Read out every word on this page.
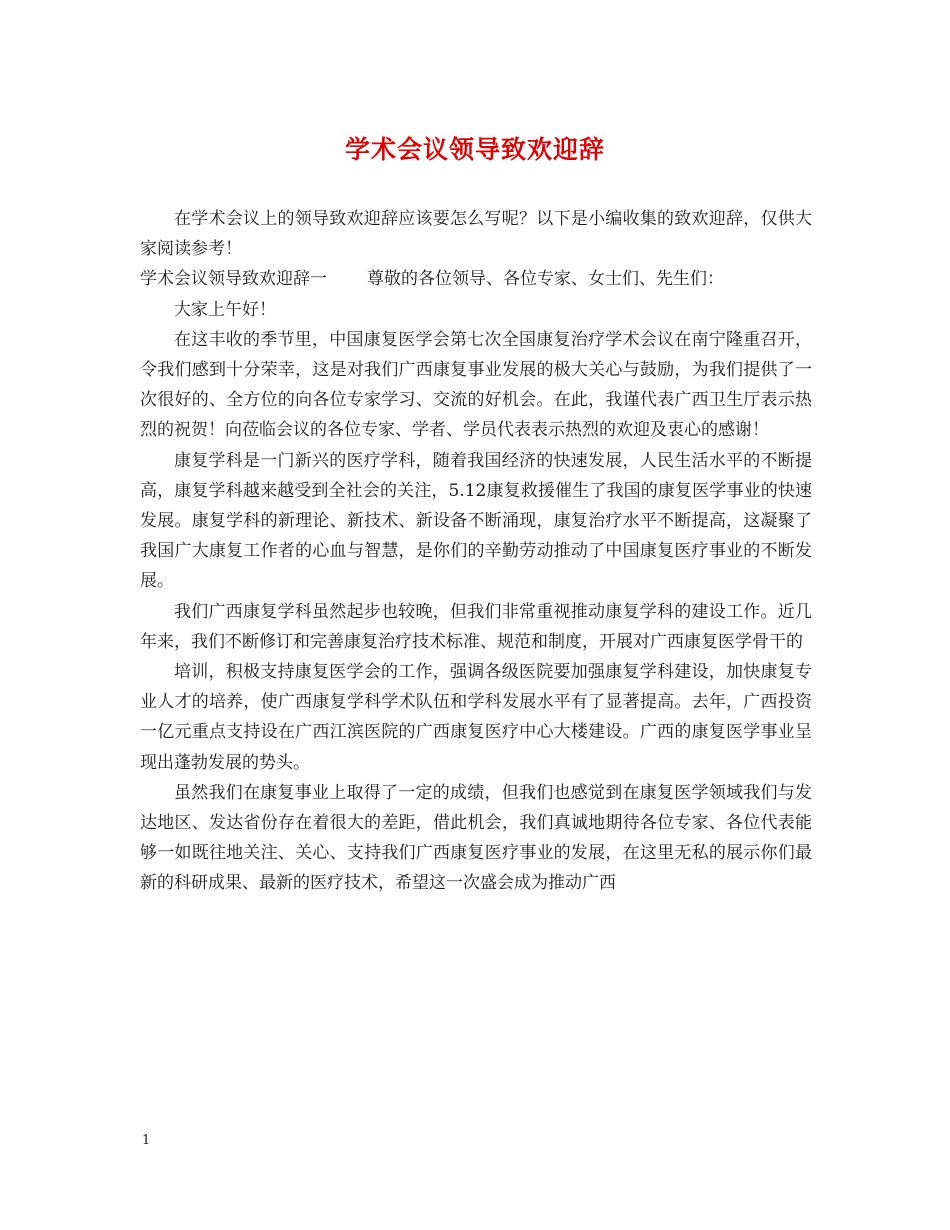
学术会议领导致欢迎辞

在学术会议上的领导致欢迎辞应该要怎么写呢？以下是小编收集的致欢迎辞，仅供大家阅读参考！

学术会议领导致欢迎辞一 尊敬的各位领导、各位专家、女士们、先生们：

大家上午好！

在这丰收的季节里，中国康复医学会第七次全国康复治疗学术会议在南宁隆重召开，令我们感到十分荣幸，这是对我们广西康复事业发展的极大关心与鼓励，为我们提供了一次很好的、全方位的向各位专家学习、交流的好机会。在此，我谨代表广西卫生厅表示热烈的祝贺！向莅临会议的各位专家、学者、学员代表表示热烈的欢迎及衷心的感谢！

康复学科是一门新兴的医疗学科，随着我国经济的快速发展，人民生活水平的不断提高，康复学科越来越受到全社会的关注，5.12康复救援催生了我国的康复医学事业的快速发展。康复学科的新理论、新技术、新设备不断涌现，康复治疗水平不断提高，这凝聚了我国广大康复工作者的心血与智慧，是你们的辛勤劳动推动了中国康复医疗事业的不断发展。

我们广西康复学科虽然起步也较晚，但我们非常重视推动康复学科的建设工作。近几年来，我们不断修订和完善康复治疗技术标准、规范和制度，开展对广西康复医学骨干的

培训，积极支持康复医学会的工作，强调各级医院要加强康复学科建设，加快康复专业人才的培养，使广西康复学科学术队伍和学科发展水平有了显著提高。去年，广西投资一亿元重点支持设在广西江滨医院的广西康复医疗中心大楼建设。广西的康复医学事业呈现出蓬勃发展的势头。

虽然我们在康复事业上取得了一定的成绩，但我们也感觉到在康复医学领域我们与发达地区、发达省份存在着很大的差距，借此机会，我们真诚地期待各位专家、各位代表能够一如既往地关注、关心、支持我们广西康复医疗事业的发展，在这里无私的展示你们最新的科研成果、最新的医疗技术，希望这一次盛会成为推动广西

1
